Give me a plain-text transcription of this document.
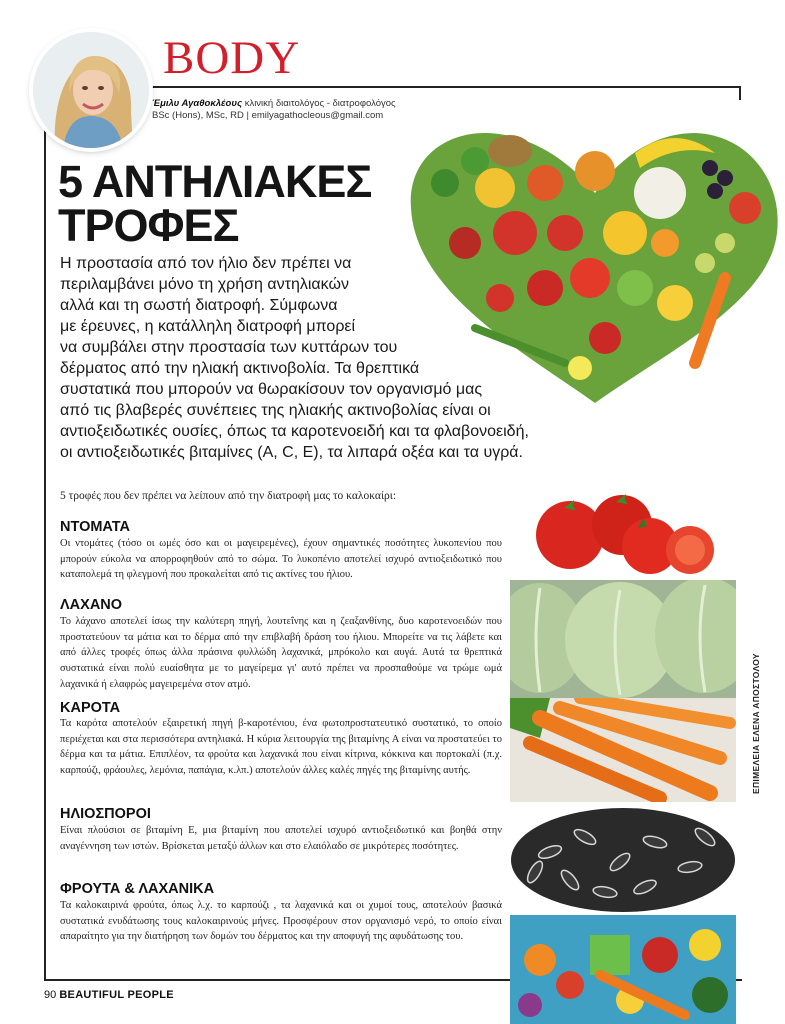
BODY
Έμιλυ Αγαθοκλέους κλινική διαιτολόγος - διατροφολόγος
BSc (Hons), MSc, RD | emilyagathocleous@gmail.com
5 ΑΝΤΗΛΙΑΚΕΣ
ΤΡΟΦΕΣ

Η προστασία από τον ήλιο δεν πρέπει να

περιλαμβάνει μόνο τη χρήση αντηλιακών

αλλά και τη σωστή διατροφή. Σύμφωνα

με έρευνες, η κατάλληλη διατροφή μπορεί

να συμβάλει στην προστασία των κυττάρων του

δέρματος από την ηλιακή ακτινοβολία. Τα θρεπτικά

συστατικά που μπορούν να θωρακίσουν τον οργανισμό μας

από τις βλαβερές συνέπειες της ηλιακής ακτινοβολίας είναι οι

αντιοξειδωτικές ουσίες, όπως τα καροτενοειδή και τα φλαβονοειδή,

οι αντιοξειδωτικές βιταμίνες (A, C, E), τα λιπαρά οξέα και τα υγρά.

5 τροφές που δεν πρέπει να λείπουν από την διατροφή μας το καλοκαίρι:
ΝΤΟΜΑΤΑ

Οι ντομάτες (τόσο οι ωμές όσο και οι μαγειρεμένες), έχουν σημαντικές ποσότητες λυκοπενίου που μπορούν εύκολα να απορροφηθούν από το σώμα. Το λυκοπένιο αποτελεί ισχυρό αντιοξειδωτικό που καταπολεμά τη φλεγμονή που προκαλείται από τις ακτίνες του ήλιου.

ΛΑΧΑΝΟ

Το λάχανο αποτελεί ίσως την καλύτερη πηγή, λουτεΐνης και η ζεαξανθίνης, δυο καροτενοειδών που προστατεύουν τα μάτια και το δέρμα από την επιβλαβή δράση του ήλιου. Μπορείτε να τις λάβετε και από άλλες τροφές όπως άλλα πράσινα φυλλώδη λαχανικά, μπρόκολο και αυγά. Αυτά τα θρεπτικά συστατικά είναι πολύ ευαίσθητα με το μαγείρεμα γι' αυτό πρέπει να προσπαθούμε να τρώμε ωμά λαχανικά ή ελαφρώς μαγειρεμένα στον ατμό.

ΚΑΡΟΤΑ

Τα καρότα αποτελούν εξαιρετική πηγή β-καροτένιου, ένα φωτοπροστατευτικό συστατικό, το οποίο περιέχεται και στα περισσότερα αντηλιακά. Η κύρια λειτουργία της βιταμίνης A είναι να προστατεύει το δέρμα και τα μάτια. Επιπλέον, τα φρούτα και λαχανικά που είναι κίτρινα, κόκκινα και πορτοκαλί (π.χ. καρπούζι, φράουλες, λεμόνια, παπάγια, κ.λπ.) αποτελούν άλλες καλές πηγές της βιταμίνης αυτής.

ΗΛΙΟΣΠΟΡΟΙ

Είναι πλούσιοι σε βιταμίνη E, μια βιταμίνη που αποτελεί ισχυρό αντιοξειδωτικό και βοηθά στην αναγέννηση των ιστών. Βρίσκεται μεταξύ άλλων και στο ελαιόλαδο σε μικρότερες ποσότητες.

ΦΡΟΥΤΑ & ΛΑΧΑΝΙΚΑ

Τα καλοκαιρινά φρούτα, όπως λ.χ. το καρπούζι , τα λαχανικά και οι χυμοί τους, αποτελούν βασικά συστατικά ενυδάτωσης τους καλοκαιρινούς μήνες. Προσφέρουν στον οργανισμό νερό, το οποίο είναι απαραίτητο για την διατήρηση των δομών του δέρματος και την αποφυγή της αφυδάτωσης του.

ΕΠΙΜΕΛΕΙΑ ΕΛΕΝΑ ΑΠΟΣΤΟΛΟΥ
90 BEAUTIFUL PEOPLE
